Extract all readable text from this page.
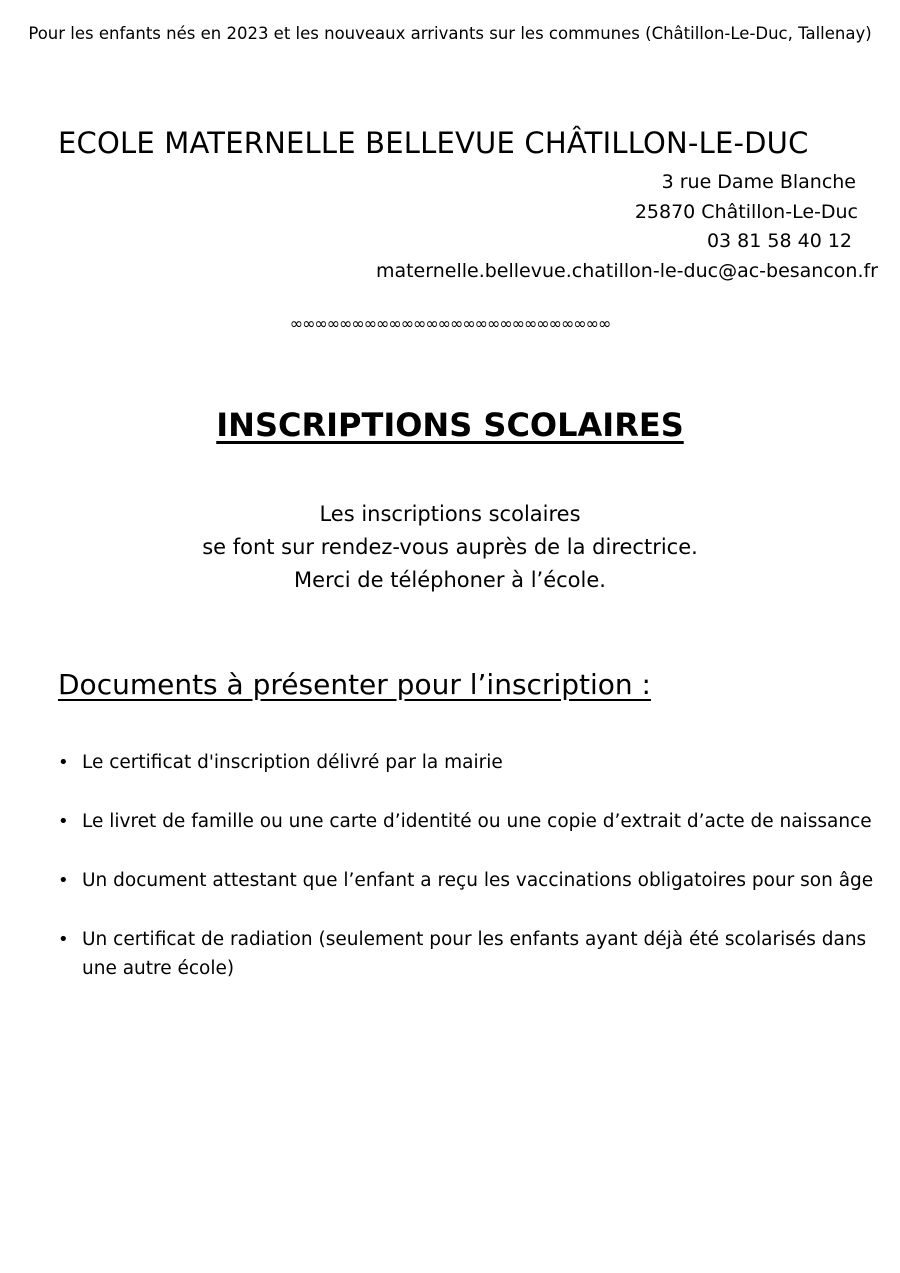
Pour les enfants nés en 2023 et les nouveaux arrivants sur les communes (Châtillon-Le-Duc, Tallenay)
ECOLE MATERNELLE BELLEVUE CHÂTILLON-LE-DUC
3 rue Dame Blanche
25870 Châtillon-Le-Duc
03 81 58 40 12
maternelle.bellevue.chatillon-le-duc@ac-besancon.fr
∞∞∞∞∞∞∞∞∞∞∞∞∞∞∞∞∞∞∞∞∞∞∞∞∞∞
INSCRIPTIONS SCOLAIRES
Les inscriptions scolaires
se font sur rendez-vous auprès de la directrice.
Merci de téléphoner à l’école.
Documents à présenter pour l’inscription :
• Le certificat d'inscription délivré par la mairie
• Le livret de famille ou une carte d’identité ou une copie d’extrait d’acte de naissance
• Un document attestant que l’enfant a reçu les vaccinations obligatoires pour son âge
• Un certificat de radiation (seulement pour les enfants ayant déjà été scolarisés dans une autre école)
